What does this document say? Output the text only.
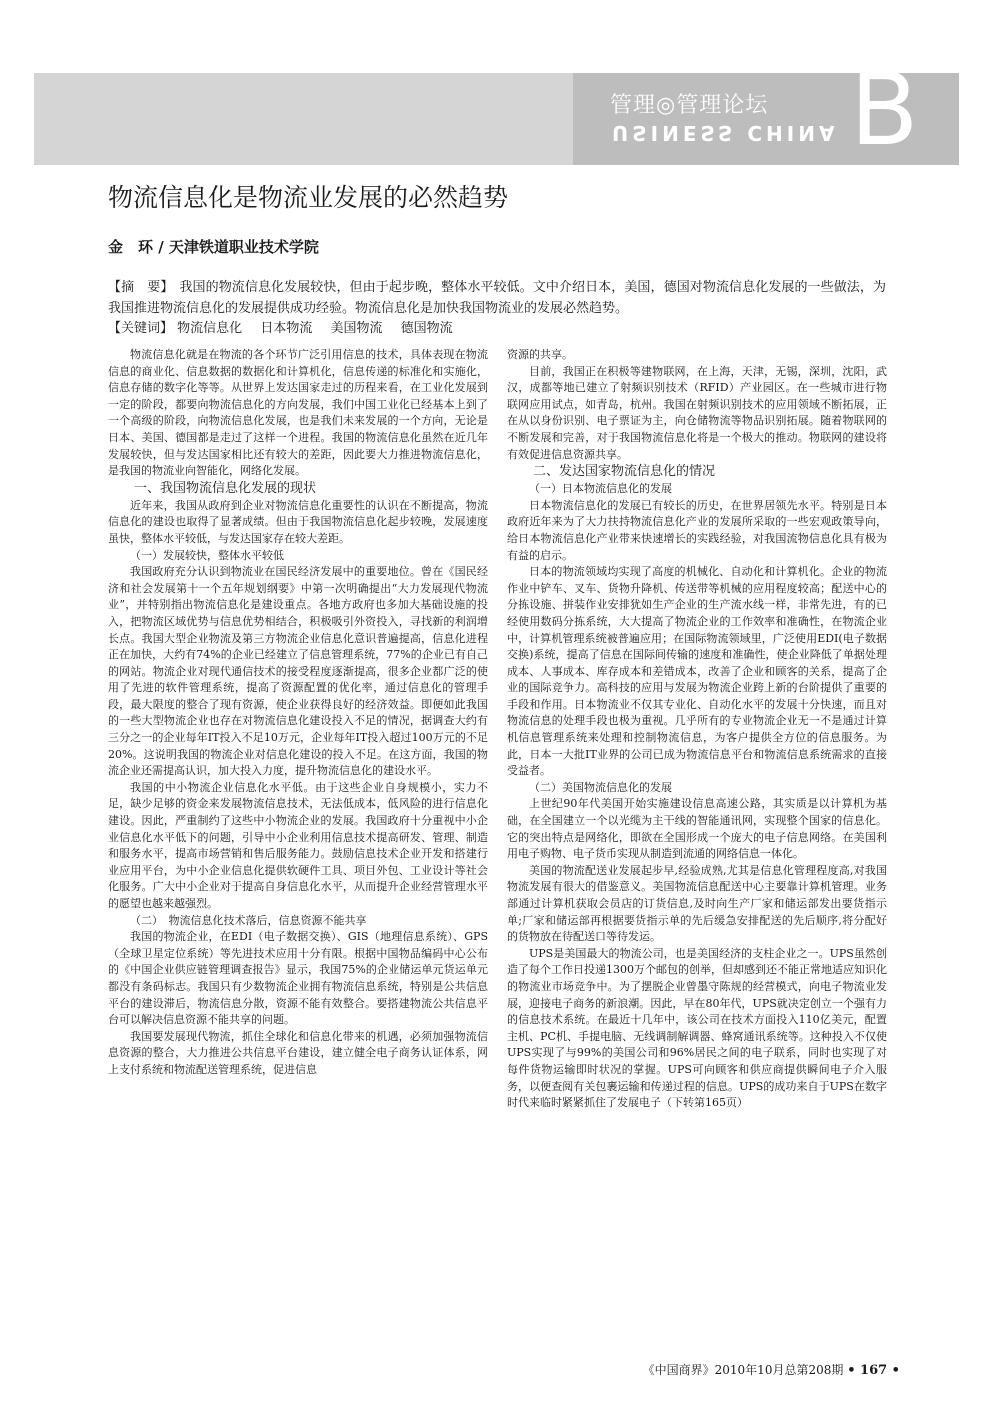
管理◎管理论坛
USINESS CHINA B
物流信息化是物流业发展的必然趋势
金　环 / 天津铁道职业技术学院
【摘　要】 我国的物流信息化发展较快，但由于起步晚，整体水平较低。文中介绍日本，美国，德国对物流信息化发展的一些做法，为我国推进物流信息化的发展提供成功经验。物流信息化是加快我国物流业的发展必然趋势。
【关键词】 物流信息化 日本物流 美国物流 德国物流

物流信息化就是在物流的各个环节广泛引用信息的技术，具体表现在物流信息的商业化、信息数据的数据化和计算机化，信息传递的标准化和实施化，信息存储的数字化等等。从世界上发达国家走过的历程来看，在工业化发展到一定的阶段，都要向物流信息化的方向发展，我们中国工业化已经基本上到了一个高级的阶段，向物流信息化发展，也是我们未来发展的一个方向，无论是日本、美国、德国都是走过了这样一个进程。我国的物流信息化虽然在近几年发展较快，但与发达国家相比还有较大的差距，因此要大力推进物流信息化，是我国的物流业向智能化，网络化发展。

一、我国物流信息化发展的现状

近年来，我国从政府到企业对物流信息化重要性的认识在不断提高，物流信息化的建设也取得了显著成绩。但由于我国物流信息化起步较晚，发展速度虽快，整体水平较低，与发达国家存在较大差距。

（一）发展较快，整体水平较低

我国政府充分认识到物流业在国民经济发展中的重要地位。曾在《国民经济和社会发展第十一个五年规划纲要》中第一次明确提出“大力发展现代物流业”，并特别指出物流信息化是建设重点。各地方政府也多加大基础设施的投入，把物流区域优势与信息优势相结合，积极吸引外资投入，寻找新的利润增长点。我国大型企业物流及第三方物流企业信息化意识普遍提高，信息化进程正在加快，大约有74%的企业已经建立了信息管理系统，77%的企业已有自己的网站。物流企业对现代通信技术的接受程度逐渐提高，很多企业都广泛的使用了先进的软件管理系统，提高了资源配置的优化率，通过信息化的管理手段，最大限度的整合了现有资源，使企业获得良好的经济效益。即便如此我国的一些大型物流企业也存在对物流信息化建设投入不足的情况，据调查大约有三分之一的企业每年IT投入不足10万元，企业每年IT投入超过100万元的不足20%。这说明我国的物流企业对信息化建设的投入不足。在这方面，我国的物流企业还需提高认识，加大投入力度，提升物流信息化的建设水平。

我国的中小物流企业信息化水平低。由于这些企业自身规模小，实力不足，缺少足够的资金来发展物流信息技术，无法低成本，低风险的进行信息化建设。因此，严重制约了这些中小物流企业的发展。我国政府十分重视中小企业信息化水平低下的问题，引导中小企业利用信息技术提高研发、管理、制造和服务水平，提高市场营销和售后服务能力。鼓励信息技术企业开发和搭建行业应用平台，为中小企业信息化提供软硬件工具、项目外包、工业设计等社会化服务。广大中小企业对于提高自身信息化水平，从而提升企业经营管理水平的愿望也越来越强烈。

（二）　物流信息化技术落后，信息资源不能共享

我国的物流企业，在EDI（电子数据交换）、GIS（地理信息系统）、GPS（全球卫星定位系统）等先进技术应用十分有限。根据中国物品编码中心公布的《中国企业供应链管理调查报告》显示，我国75%的企业储运单元货运单元都没有条码标志。我国只有少数物流企业拥有物流信息系统，特别是公共信息平台的建设滞后，物流信息分散，资源不能有效整合。要搭建物流公共信息平台可以解决信息资源不能共享的问题。

我国要发展现代物流，抓住全球化和信息化带来的机遇，必须加强物流信息资源的整合，大力推进公共信息平台建设，建立健全电子商务认证体系，网上支付系统和物流配送管理系统，促进信息

资源的共享。

目前，我国正在积极等建物联网，在上海，天津，无锡，深圳，沈阳，武汉，成都等地已建立了射频识别技术（RFID）产业园区。在一些城市进行物联网应用试点，如青岛，杭州。我国在射频识别技术的应用领域不断拓展，正在从以身份识别、电子票证为主，向仓储物流等物品识别拓展。随着物联网的不断发展和完善，对于我国物流信息化将是一个极大的推动。物联网的建设将有效促进信息资源共享。

二、发达国家物流信息化的情况
（一）日本物流信息化的发展

日本物流信息化的发展已有较长的历史，在世界居领先水平。特别是日本政府近年来为了大力扶持物流信息化产业的发展所采取的一些宏观政策导向，给日本物流信息化产业带来快速增长的实践经验，对我国流物信息化具有极为有益的启示。

日本的物流领域均实现了高度的机械化、自动化和计算机化。企业的物流作业中铲车、叉车、货物升降机、传送带等机械的应用程度较高；配送中心的分拣设施、拼装作业安排犹如生产企业的生产流水线一样，非常先进，有的已经使用数码分拣系统，大大提高了物流企业的工作效率和准确性，在物流企业中，计算机管理系统被普遍应用；在国际物流领域里，广泛使用EDI(电子数据交换)系统，提高了信息在国际间传输的速度和准确性，使企业降低了单据处理成本、人事成本、库存成本和差错成本，改善了企业和顾客的关系，提高了企业的国际竞争力。高科技的应用与发展为物流企业跨上新的台阶提供了重要的手段和作用。日本物流业不仅其专业化、自动化水平的发展十分快速，而且对物流信息的处理手段也极为重视。几乎所有的专业物流企业无一不是通过计算机信息管理系统来处理和控制物流信息，为客户提供全方位的信息服务。为此，日本一大批IT业界的公司已成为物流信息平台和物流信息系统需求的直接受益者。

（二）美国物流信息化的发展

上世纪90年代美国开始实施建设信息高速公路，其实质是以计算机为基础，在全国建立一个以光缆为主干线的智能通讯网，实现整个国家的信息化。它的突出特点是网络化，即欲在全国形成一个庞大的电子信息网络。在美国利用电子购物、电子货币实现从制造到流通的网络信息一体化。

美国的物流配送业发展起步早,经验成熟,尤其是信息化管理程度高,对我国物流发展有很大的借鉴意义。美国物流信息配送中心主要靠计算机管理。业务部通过计算机获取会员店的订货信息,及时向生产厂家和储运部发出要货指示单;厂家和储运部再根据要货指示单的先后缓急安排配送的先后顺序,将分配好的货物放在待配送口等待发运。

UPS是美国最大的物流公司，也是美国经济的支柱企业之一。UPS虽然创造了每个工作日投递1300万个邮包的创举，但却感到还不能正常地适应知识化的物流业市场竞争中。为了摆脱企业曾墨守陈规的经营模式，向电子物流业发展，迎接电子商务的新浪潮。因此，早在80年代，UPS就决定创立一个强有力的信息技术系统。在最近十几年中，该公司在技术方面投入110亿美元，配置主机、PC机、手提电脑、无线调制解调器、蜂窝通讯系统等。这种投入不仅使UPS实现了与99%的美国公司和96%居民之间的电子联系，同时也实现了对每件货物运输即时状况的掌握。UPS可向顾客和供应商提供瞬间电子介入服务，以便查阅有关包裹运输和传递过程的信息。UPS的成功来自于UPS在数字时代来临时紧紧抓住了发展电子（下转第165页）

《中国商界》2010年10月总第208期 • 167 •
